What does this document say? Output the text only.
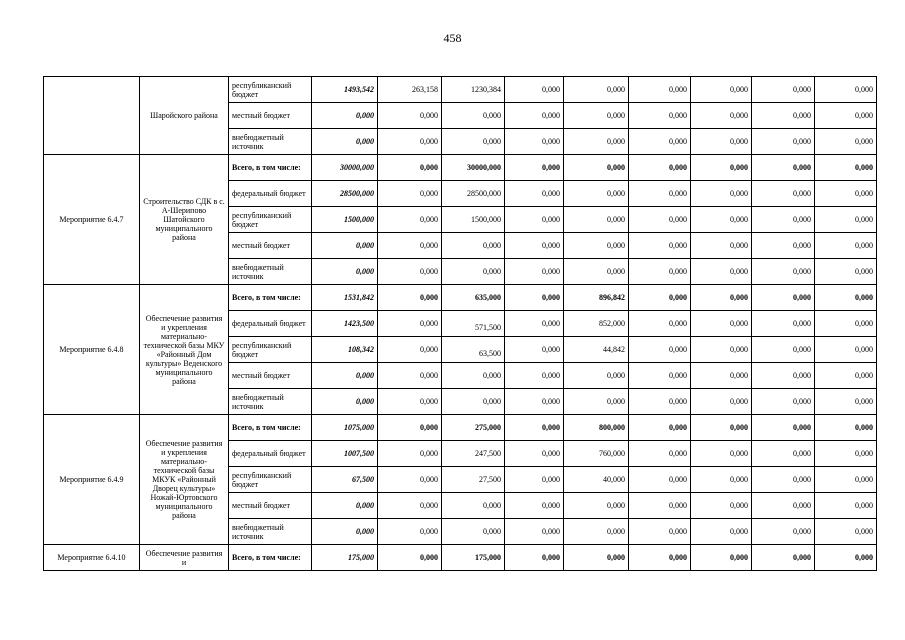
458
	Шаройского района	республиканский бюджет	1493,542	263,158	1230,384	0,000	0,000	0,000	0,000	0,000	0,000
		местный бюджет	0,000	0,000	0,000	0,000	0,000	0,000	0,000	0,000	0,000
		внебюджетный источник	0,000	0,000	0,000	0,000	0,000	0,000	0,000	0,000	0,000
Мероприятие 6.4.7	Строительство СДК в с. А-Шерипово Шатойского муниципального района	Всего, в том числе:	30000,000	0,000	30000,000	0,000	0,000	0,000	0,000	0,000	0,000
		федеральный бюджет	28500,000	0,000	28500,000	0,000	0,000	0,000	0,000	0,000	0,000
		республиканский бюджет	1500,000	0,000	1500,000	0,000	0,000	0,000	0,000	0,000	0,000
		местный бюджет	0,000	0,000	0,000	0,000	0,000	0,000	0,000	0,000	0,000
		внебюджетный источник	0,000	0,000	0,000	0,000	0,000	0,000	0,000	0,000	0,000
Мероприятие 6.4.8	Обеспечение развития и укрепления материально-технической базы МКУ «Районный Дом культуры» Веденского муниципального района	Всего, в том числе:	1531,842	0,000	635,000	0,000	896,842	0,000	0,000	0,000	0,000
		федеральный бюджет	1423,500	0,000	571,500	0,000	852,000	0,000	0,000	0,000	0,000
		республиканский бюджет	108,342	0,000	63,500	0,000	44,842	0,000	0,000	0,000	0,000
		местный бюджет	0,000	0,000	0,000	0,000	0,000	0,000	0,000	0,000	0,000
		внебюджетный источник	0,000	0,000	0,000	0,000	0,000	0,000	0,000	0,000	0,000
Мероприятие 6.4.9	Обеспечение развития и укрепления материально-технической базы МКУК «Районный Дворец культуры» Ножай-Юртовского муниципального района	Всего, в том числе:	1075,000	0,000	275,000	0,000	800,000	0,000	0,000	0,000	0,000
		федеральный бюджет	1007,500	0,000	247,500	0,000	760,000	0,000	0,000	0,000	0,000
		республиканский бюджет	67,500	0,000	27,500	0,000	40,000	0,000	0,000	0,000	0,000
		местный бюджет	0,000	0,000	0,000	0,000	0,000	0,000	0,000	0,000	0,000
		внебюджетный источник	0,000	0,000	0,000	0,000	0,000	0,000	0,000	0,000	0,000
Мероприятие 6.4.10	Обеспечение развития и	Всего, в том числе:	175,000	0,000	175,000	0,000	0,000	0,000	0,000	0,000	0,000
